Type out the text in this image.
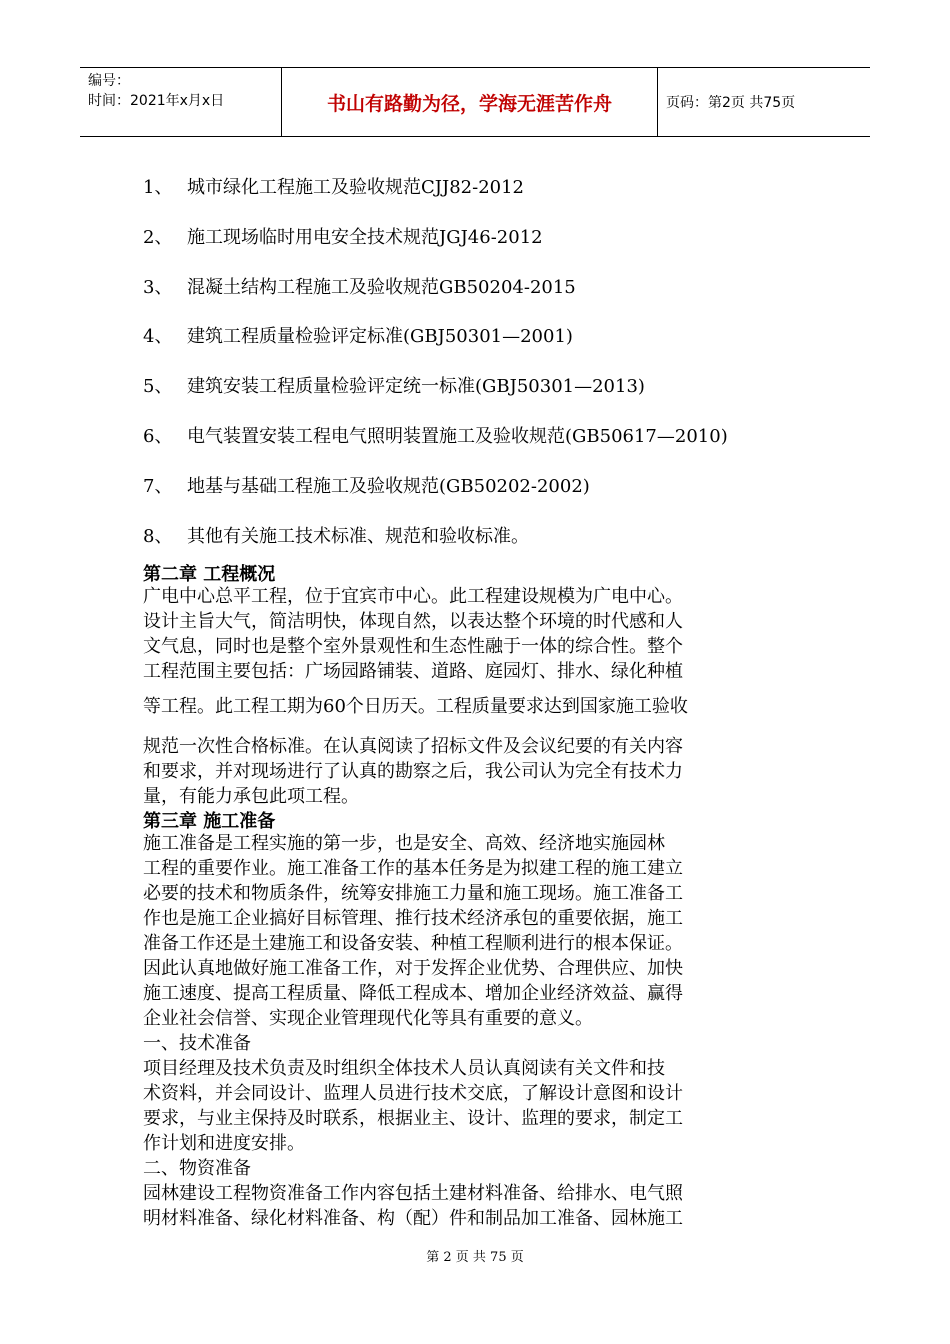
编号：
时间：2021年x月x日	书山有路勤为径，学海无涯苦作舟	页码：第2页 共75页
1、 城市绿化工程施工及验收规范CJJ82-2012
2、 施工现场临时用电安全技术规范JGJ46-2012
3、 混凝土结构工程施工及验收规范GB50204-2015
4、 建筑工程质量检验评定标准(GBJ50301—2001)
5、 建筑安装工程质量检验评定统一标准(GBJ50301—2013)
6、 电气装置安装工程电气照明装置施工及验收规范(GB50617—2010)
7、 地基与基础工程施工及验收规范(GB50202-2002)
8、 其他有关施工技术标准、规范和验收标准。
第二章 工程概况
广电中心总平工程，位于宜宾市中心。此工程建设规模为广电中心。
设计主旨大气，简洁明快，体现自然，以表达整个环境的时代感和人
文气息，同时也是整个室外景观性和生态性融于一体的综合性。整个
工程范围主要包括：广场园路铺装、道路、庭园灯、排水、绿化种植
等工程。此工程工期为60个日历天。工程质量要求达到国家施工验收
规范一次性合格标准。在认真阅读了招标文件及会议纪要的有关内容
和要求，并对现场进行了认真的勘察之后，我公司认为完全有技术力
量，有能力承包此项工程。
第三章 施工准备
施工准备是工程实施的第一步，也是安全、高效、经济地实施园林
工程的重要作业。施工准备工作的基本任务是为拟建工程的施工建立
必要的技术和物质条件，统筹安排施工力量和施工现场。施工准备工
作也是施工企业搞好目标管理、推行技术经济承包的重要依据，施工
准备工作还是土建施工和设备安装、种植工程顺利进行的根本保证。
因此认真地做好施工准备工作，对于发挥企业优势、合理供应、加快
施工速度、提高工程质量、降低工程成本、增加企业经济效益、赢得
企业社会信誉、实现企业管理现代化等具有重要的意义。
一、技术准备
项目经理及技术负责及时组织全体技术人员认真阅读有关文件和技
术资料，并会同设计、监理人员进行技术交底，了解设计意图和设计
要求，与业主保持及时联系，根据业主、设计、监理的要求，制定工
作计划和进度安排。
二、物资准备
园林建设工程物资准备工作内容包括土建材料准备、给排水、电气照
明材料准备、绿化材料准备、构（配）件和制品加工准备、园林施工
第 2 页 共 75 页
